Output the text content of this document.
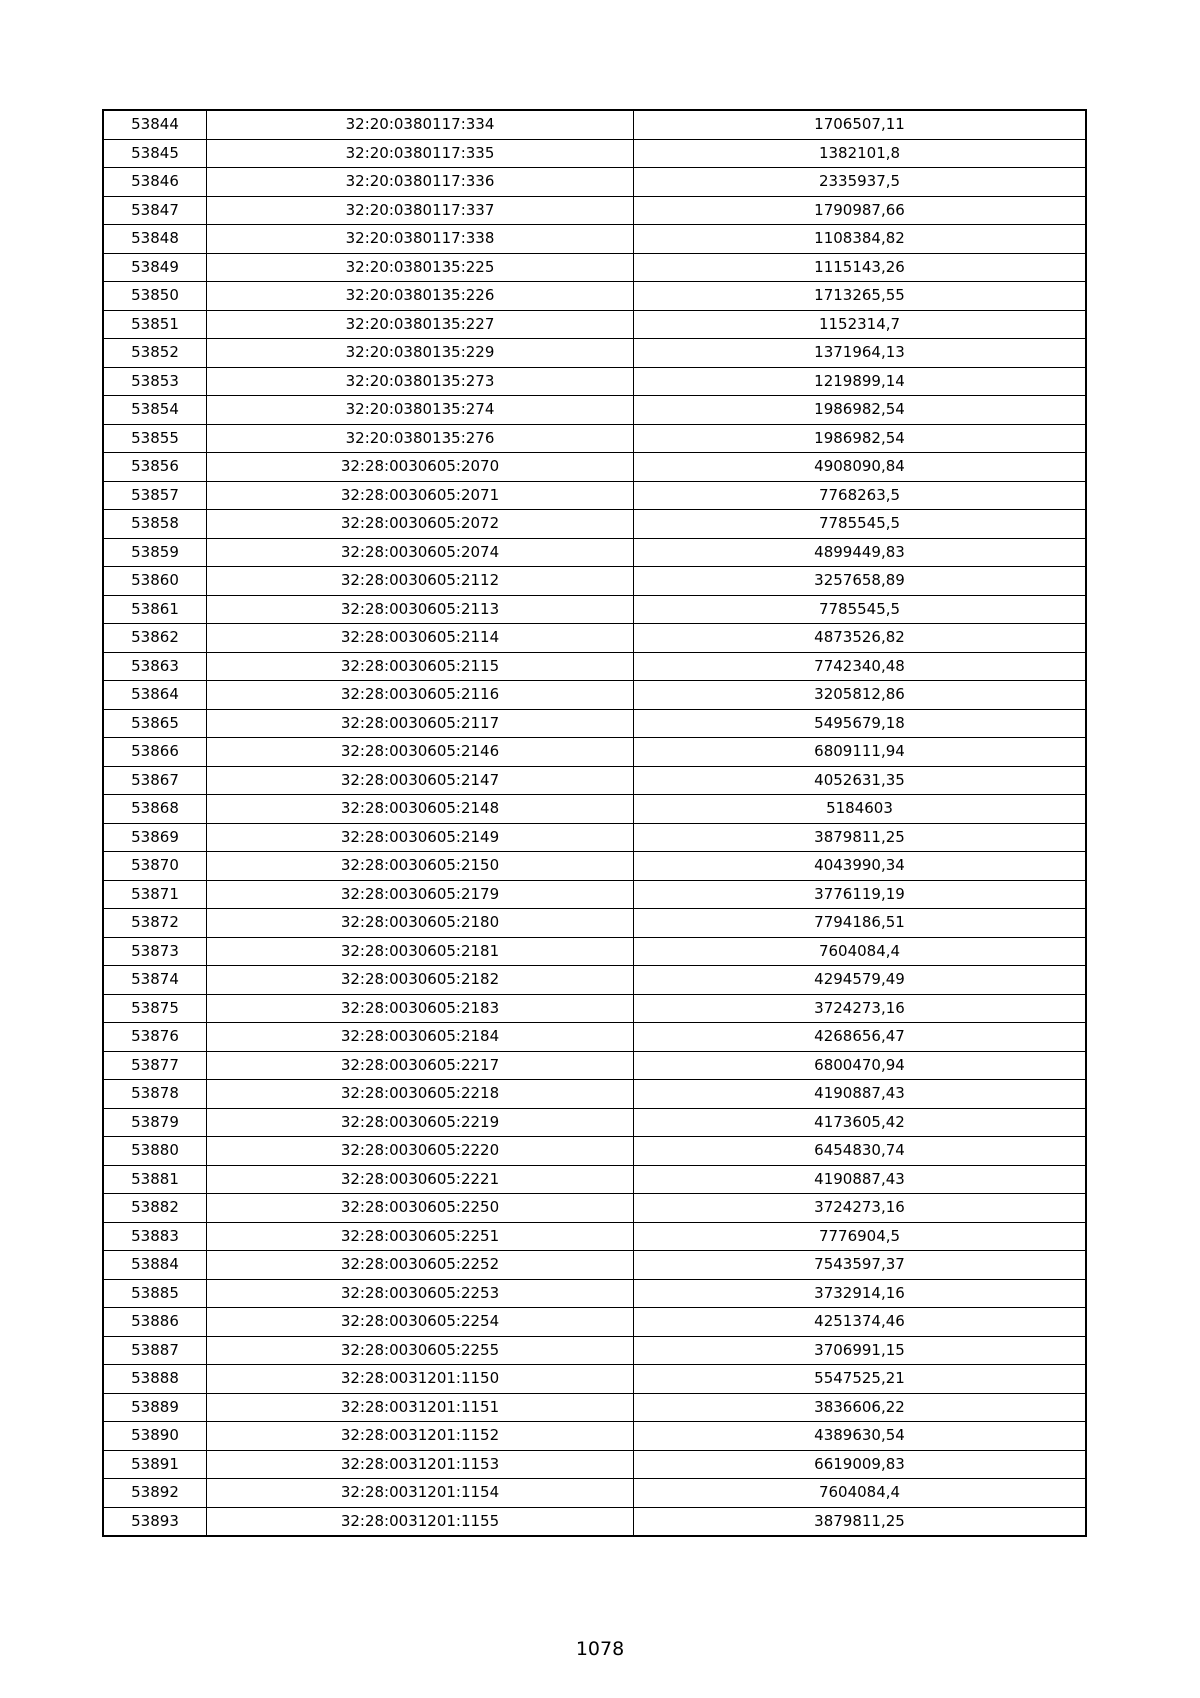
53844	32:20:0380117:334	1706507,11
53845	32:20:0380117:335	1382101,8
53846	32:20:0380117:336	2335937,5
53847	32:20:0380117:337	1790987,66
53848	32:20:0380117:338	1108384,82
53849	32:20:0380135:225	1115143,26
53850	32:20:0380135:226	1713265,55
53851	32:20:0380135:227	1152314,7
53852	32:20:0380135:229	1371964,13
53853	32:20:0380135:273	1219899,14
53854	32:20:0380135:274	1986982,54
53855	32:20:0380135:276	1986982,54
53856	32:28:0030605:2070	4908090,84
53857	32:28:0030605:2071	7768263,5
53858	32:28:0030605:2072	7785545,5
53859	32:28:0030605:2074	4899449,83
53860	32:28:0030605:2112	3257658,89
53861	32:28:0030605:2113	7785545,5
53862	32:28:0030605:2114	4873526,82
53863	32:28:0030605:2115	7742340,48
53864	32:28:0030605:2116	3205812,86
53865	32:28:0030605:2117	5495679,18
53866	32:28:0030605:2146	6809111,94
53867	32:28:0030605:2147	4052631,35
53868	32:28:0030605:2148	5184603
53869	32:28:0030605:2149	3879811,25
53870	32:28:0030605:2150	4043990,34
53871	32:28:0030605:2179	3776119,19
53872	32:28:0030605:2180	7794186,51
53873	32:28:0030605:2181	7604084,4
53874	32:28:0030605:2182	4294579,49
53875	32:28:0030605:2183	3724273,16
53876	32:28:0030605:2184	4268656,47
53877	32:28:0030605:2217	6800470,94
53878	32:28:0030605:2218	4190887,43
53879	32:28:0030605:2219	4173605,42
53880	32:28:0030605:2220	6454830,74
53881	32:28:0030605:2221	4190887,43
53882	32:28:0030605:2250	3724273,16
53883	32:28:0030605:2251	7776904,5
53884	32:28:0030605:2252	7543597,37
53885	32:28:0030605:2253	3732914,16
53886	32:28:0030605:2254	4251374,46
53887	32:28:0030605:2255	3706991,15
53888	32:28:0031201:1150	5547525,21
53889	32:28:0031201:1151	3836606,22
53890	32:28:0031201:1152	4389630,54
53891	32:28:0031201:1153	6619009,83
53892	32:28:0031201:1154	7604084,4
53893	32:28:0031201:1155	3879811,25
1078
